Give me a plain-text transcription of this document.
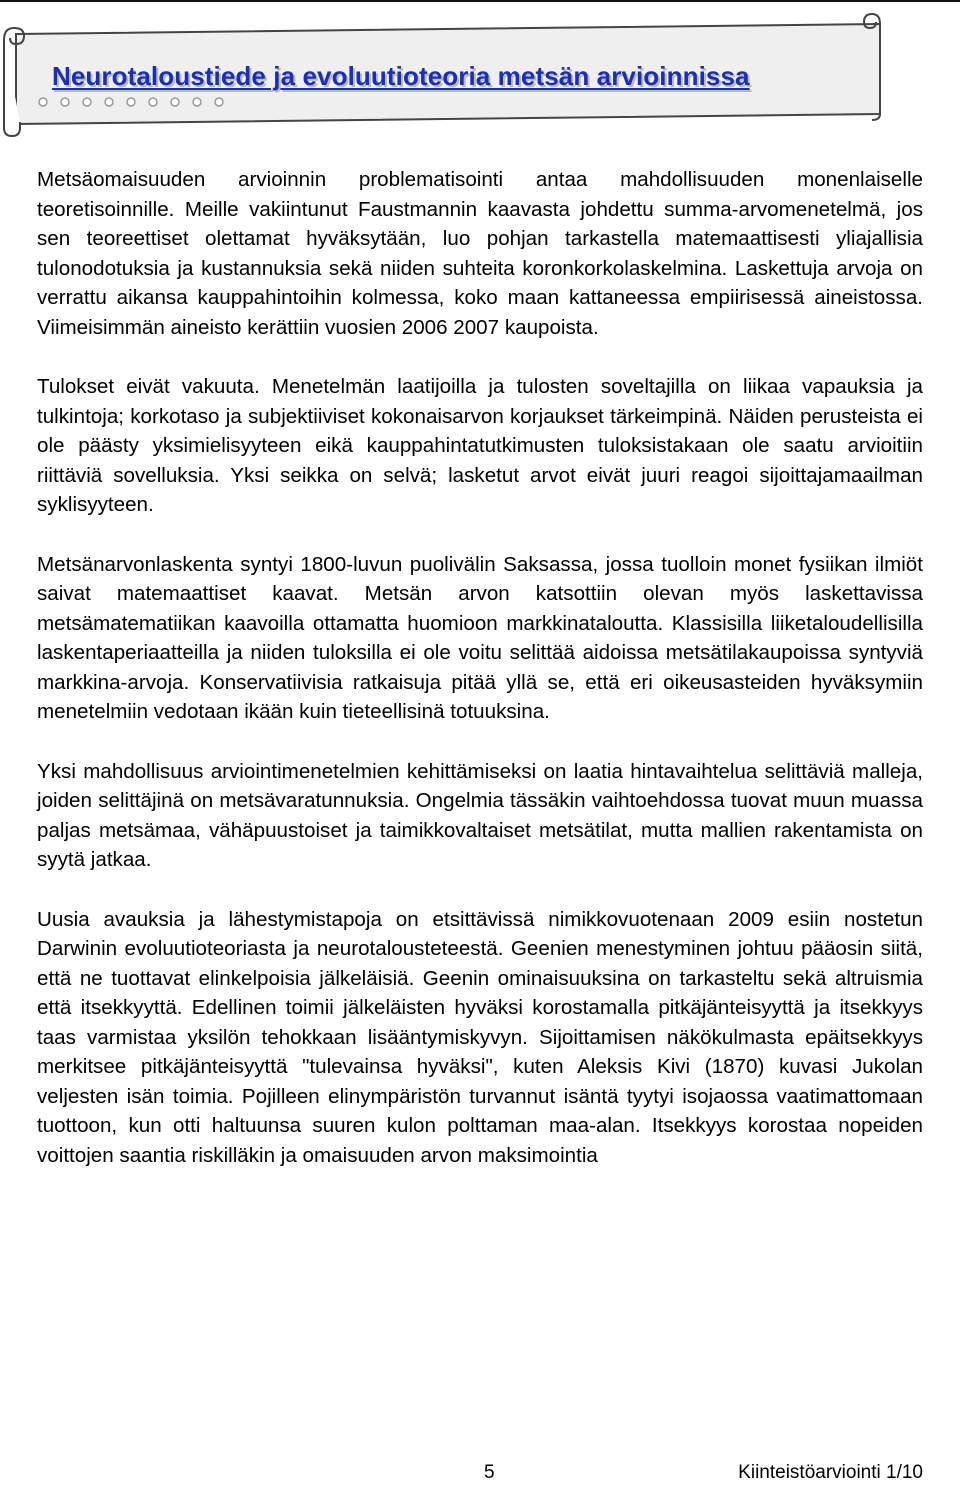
Neurotaloustiede ja evoluutioteoria metsän arvioinnissa

Metsäomaisuuden arvioinnin problematisointi antaa mahdollisuuden monenlaiselle teoretisoinnille. Meille vakiintunut Faustmannin kaavasta johdettu summa-arvomenetelmä, jos sen teoreettiset olettamat hyväksytään, luo pohjan tarkastella matemaattisesti yliajallisia tulonodotuksia ja kustannuksia sekä niiden suhteita koronkorkolaskelmina. Laskettuja arvoja on verrattu aikansa kauppahintoihin kolmessa, koko maan kattaneessa empiirisessä aineistossa. Viimeisimmän aineisto kerättiin vuosien 2006 2007 kaupoista.

Tulokset eivät vakuuta. Menetelmän laatijoilla ja tulosten soveltajilla on liikaa vapauksia ja tulkintoja; korkotaso ja subjektiiviset kokonaisarvon korjaukset tärkeimpinä. Näiden perusteista ei ole päästy yksimielisyyteen eikä kauppahintatutkimusten tuloksistakaan ole saatu arvioitiin riittäviä sovelluksia. Yksi seikka on selvä; lasketut arvot eivät juuri reagoi sijoittajamaailman syklisyyteen.

Metsänarvonlaskenta syntyi 1800-luvun puolivälin Saksassa, jossa tuolloin monet fysiikan ilmiöt saivat matemaattiset kaavat. Metsän arvon katsottiin olevan myös laskettavissa metsämatematiikan kaavoilla ottamatta huomioon markkinataloutta. Klassisilla liiketaloudellisilla laskentaperiaatteilla ja niiden tuloksilla ei ole voitu selittää aidoissa metsätilakaupoissa syntyviä markkina-arvoja. Konservatiivisia ratkaisuja pitää yllä se, että eri oikeusasteiden hyväksymiin menetelmiin vedotaan ikään kuin tieteellisinä totuuksina.

Yksi mahdollisuus arviointimenetelmien kehittämiseksi on laatia hintavaihtelua selittäviä malleja, joiden selittäjinä on metsävaratunnuksia. Ongelmia tässäkin vaihtoehdossa tuovat muun muassa paljas metsämaa, vähäpuustoiset ja taimikkovaltaiset metsätilat, mutta mallien rakentamista on syytä jatkaa.

Uusia avauksia ja lähestymistapoja on etsittävissä nimikkovuotenaan 2009 esiin nostetun Darwinin evoluutioteoriasta ja neurotalousteteestä. Geenien menestyminen johtuu pääosin siitä, että ne tuottavat elinkelpoisia jälkeläisiä. Geenin ominaisuuksina on tarkasteltu sekä altruismia että itsekkyyttä. Edellinen toimii jälkeläisten hyväksi korostamalla pitkäjänteisyyttä ja itsekkyys taas varmistaa yksilön tehokkaan lisääntymiskyvyn. Sijoittamisen näkökulmasta epäitsekkyys merkitsee pitkäjänteisyyttä "tulevainsa hyväksi", kuten Aleksis Kivi (1870) kuvasi Jukolan veljesten isän toimia. Pojilleen elinympäristön turvannut isäntä tyytyi isojaossa vaatimattomaan tuottoon, kun otti haltuunsa suuren kulon polttaman maa-alan. Itsekkyys korostaa nopeiden voittojen saantia riskilläkin ja omaisuuden arvon maksimointia

5	Kiinteistöarviointi 1/10
